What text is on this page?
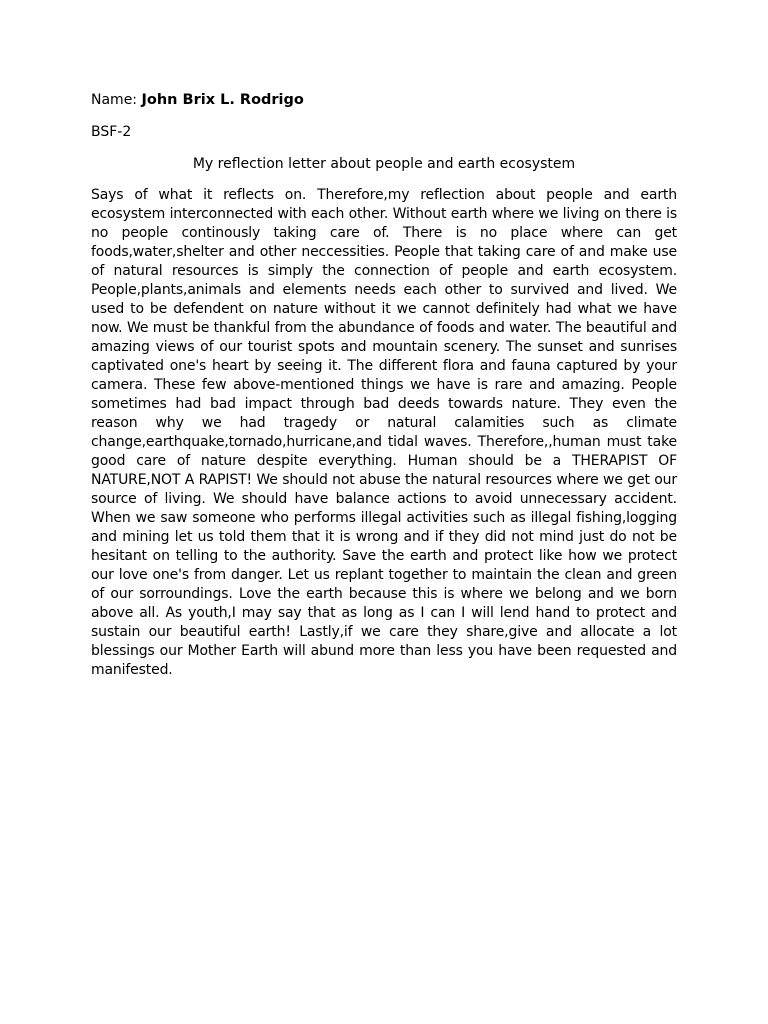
Name: John Brix L. Rodrigo
BSF-2
My reflection letter about people and earth ecosystem

Says of what it reflects on. Therefore,my reflection about people and earth ecosystem interconnected with each other. Without earth where we living on there is no people continously taking care of. There is no place where can get foods,water,shelter and other neccessities. People that taking care of and make use of natural resources is simply the connection of people and earth ecosystem. People,plants,animals and elements needs each other to survived and lived. We used to be defendent on nature without it we cannot definitely had what we have now. We must be thankful from the abundance of foods and water. The beautiful and amazing views of our tourist spots and mountain scenery. The sunset and sunrises captivated one's heart by seeing it. The different flora and fauna captured by your camera. These few above-mentioned things we have is rare and amazing. People sometimes had bad impact through bad deeds towards nature. They even the reason why we had tragedy or natural calamities such as climate change,earthquake,tornado,hurricane,and tidal waves. Therefore,,human must take good care of nature despite everything. Human should be a THERAPIST OF NATURE,NOT A RAPIST! We should not abuse the natural resources where we get our source of living. We should have balance actions to avoid unnecessary accident. When we saw someone who performs illegal activities such as illegal fishing,logging and mining let us told them that it is wrong and if they did not mind just do not be hesitant on telling to the authority. Save the earth and protect like how we protect our love one's from danger. Let us replant together to maintain the clean and green of our sorroundings. Love the earth because this is where we belong and we born above all. As youth,I may say that as long as I can I will lend hand to protect and sustain our beautiful earth! Lastly,if we care they share,give and allocate a lot blessings our Mother Earth will abund more than less you have been requested and manifested.
